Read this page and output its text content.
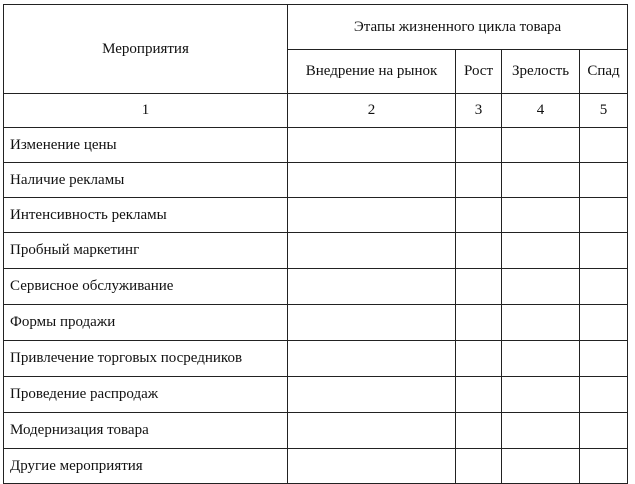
Мероприятия	Этапы жизненного цикла товара			
	Внедрение на рынок	Рост	Зрелость	Спад
1	2	3	4	5
Изменение цены				
Наличие рекламы				
Интенсивность рекламы				
Пробный маркетинг				
Сервисное обслуживание				
Формы продажи				
Привлечение торговых посредников				
Проведение распродаж				
Модернизация товара				
Другие мероприятия				
